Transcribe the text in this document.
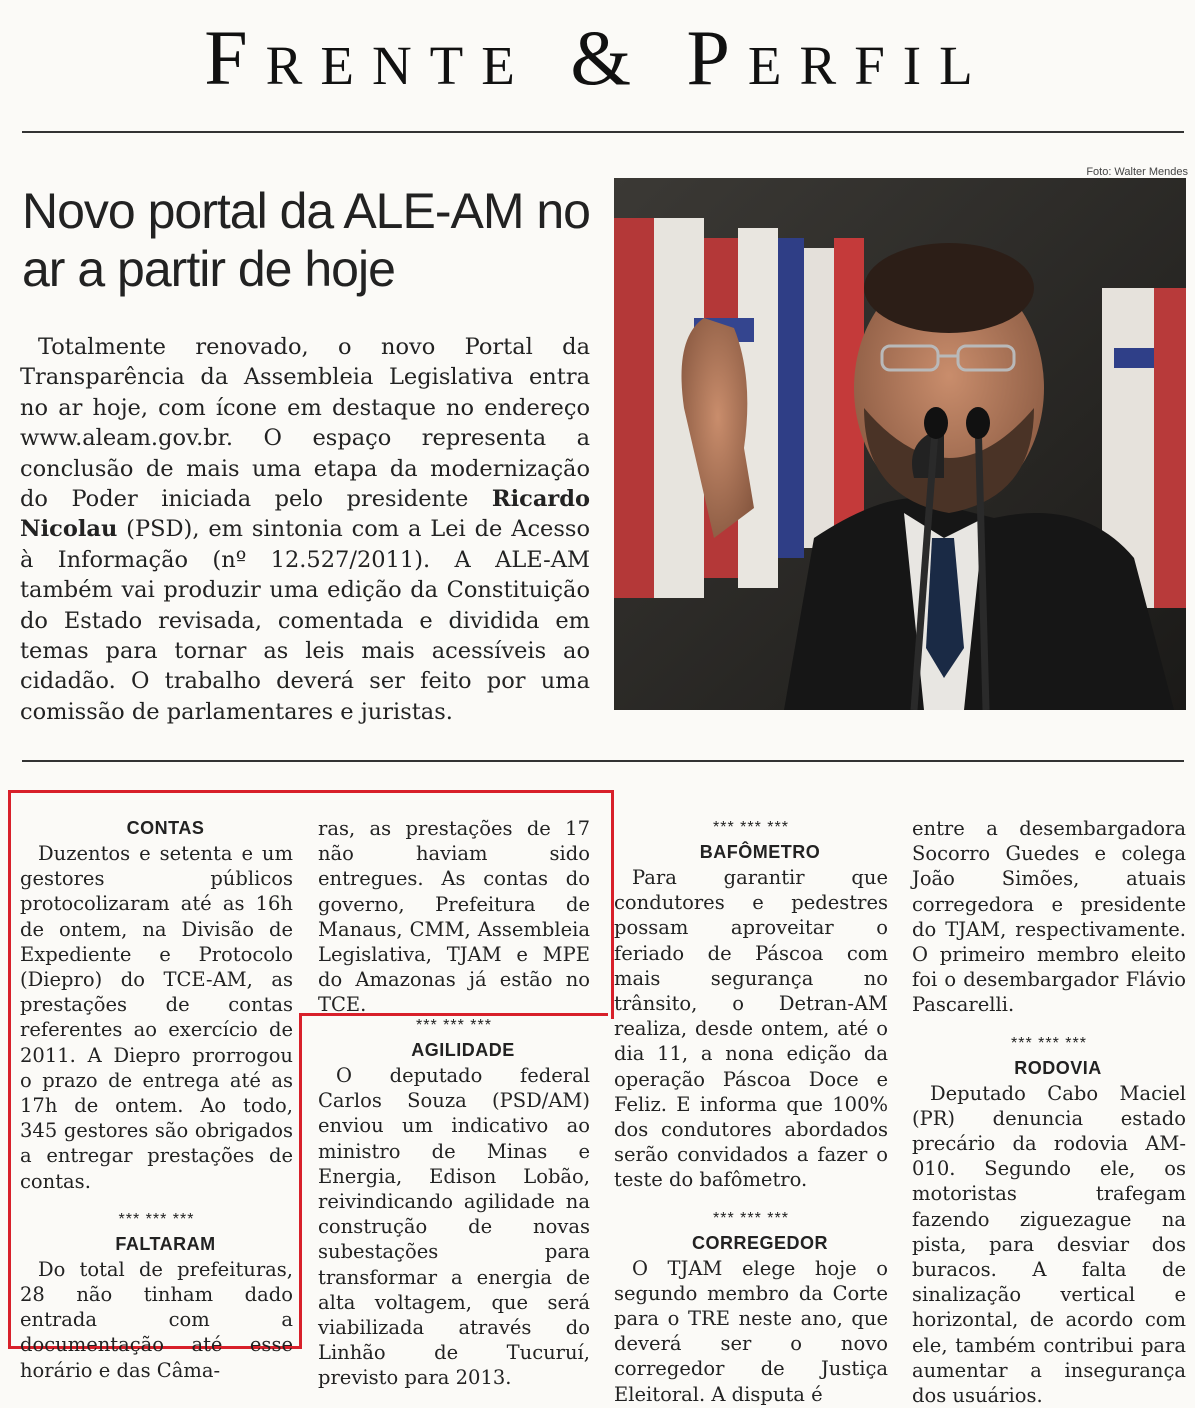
Frente & Perfil
Novo portal da ALE-AM no ar a partir de hoje

Totalmente renovado, o novo Portal da Transparência da Assembleia Legislativa entra no ar hoje, com ícone em destaque no endereço www.aleam.gov.br. O espaço representa a conclusão de mais uma etapa da modernização do Poder iniciada pelo presidente Ricardo Nicolau (PSD), em sintonia com a Lei de Acesso à Informação (nº 12.527/2011). A ALE-AM também vai produzir uma edição da Constituição do Estado revisada, comentada e dividida em temas para tornar as leis mais acessíveis ao cidadão. O trabalho deverá ser feito por uma comissão de parlamentares e juristas.

Foto: Walter Mendes

CONTAS

Duzentos e setenta e um gestores públicos protocolizaram até as 16h de ontem, na Divisão de Expediente e Protocolo (Diepro) do TCE-AM, as prestações de contas referentes ao exercício de 2011. A Diepro prorrogou o prazo de entrega até as 17h de ontem. Ao todo, 345 gestores são obrigados a entregar prestações de contas.

*** *** ***

FALTARAM

Do total de prefeituras, 28 não tinham dado entrada com a documentação até esse horário e das Câma-

ras, as prestações de 17 não haviam sido entregues. As contas do governo, Prefeitura de Manaus, CMM, Assembleia Legislativa, TJAM e MPE do Amazonas já estão no TCE.

*** *** ***

AGILIDADE

O deputado federal Carlos Souza (PSD/AM) enviou um indicativo ao ministro de Minas e Energia, Edison Lobão, reivindicando agilidade na construção de novas subestações para transformar a energia de alta voltagem, que será viabilizada através do Linhão de Tucuruí, previsto para 2013.

*** *** ***

BAFÔMETRO

Para garantir que condutores e pedestres possam aproveitar o feriado de Páscoa com mais segurança no trânsito, o Detran-AM realiza, desde ontem, até o dia 11, a nona edição da operação Páscoa Doce e Feliz. E informa que 100% dos condutores abordados serão convidados a fazer o teste do bafômetro.

*** *** ***

CORREGEDOR

O TJAM elege hoje o segundo membro da Corte para o TRE neste ano, que deverá ser o novo corregedor de Justiça Eleitoral. A disputa é

entre a desembargadora Socorro Guedes e colega João Simões, atuais corregedora e presidente do TJAM, respectivamente. O primeiro membro eleito foi o desembargador Flávio Pascarelli.

*** *** ***

RODOVIA

Deputado Cabo Maciel (PR) denuncia estado precário da rodovia AM-010. Segundo ele, os motoristas trafegam fazendo ziguezague na pista, para desviar dos buracos. A falta de sinalização vertical e horizontal, de acordo com ele, também contribui para aumentar a insegurança dos usuários.
